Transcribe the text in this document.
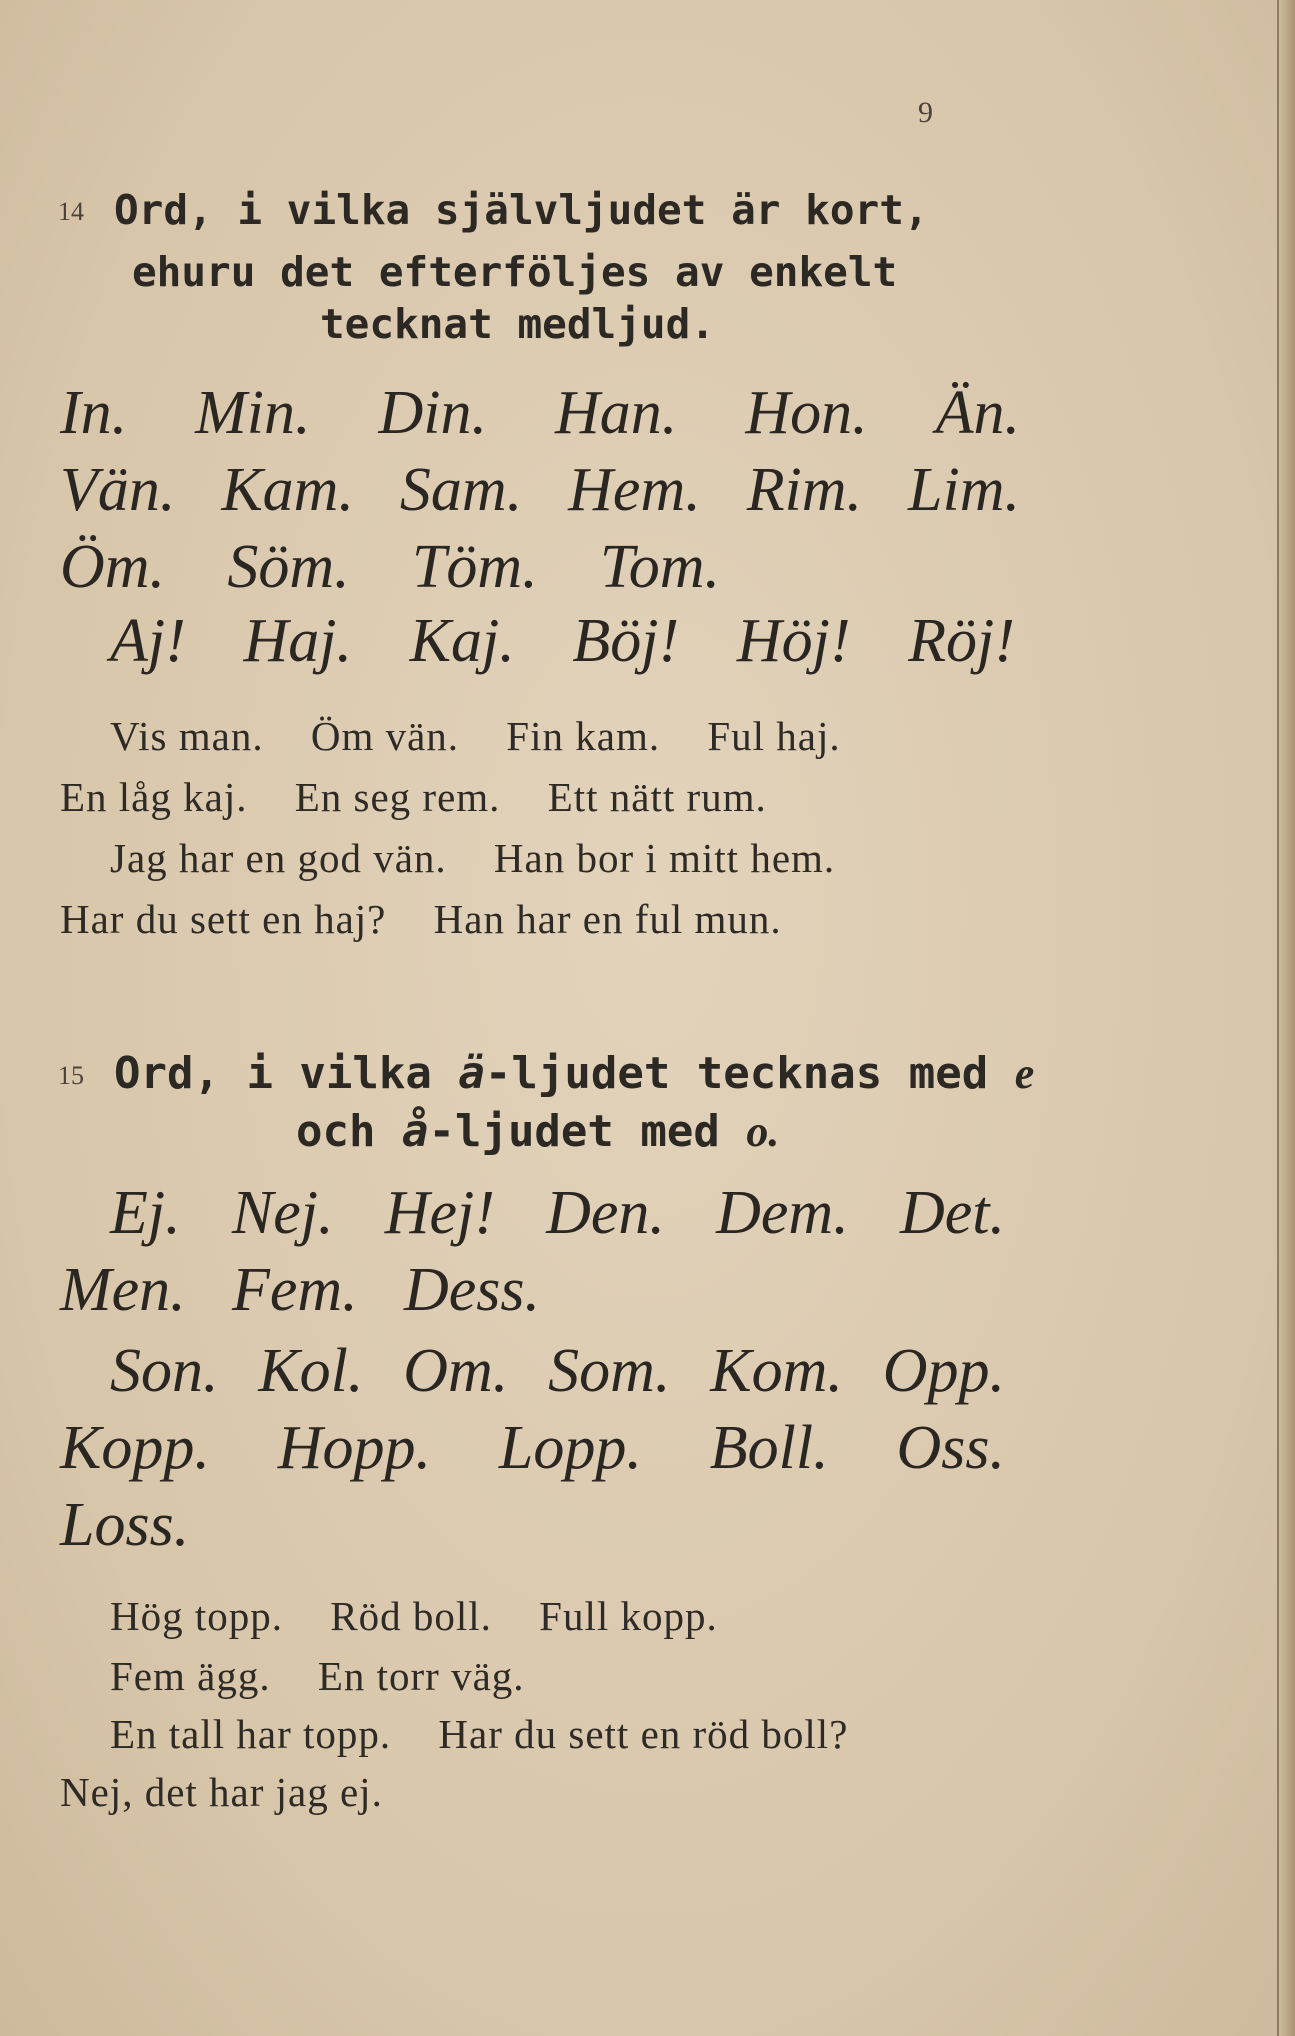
9
14 Ord, i vilka självljudet är kort,
ehuru det efterföljes av enkelt
tecknat medljud.
In. Min. Din. Han. Hon. Än.
Vän. Kam. Sam. Hem. Rim. Lim.
Öm. Söm. Töm. Tom.
Aj! Haj. Kaj. Böj! Höj! Röj!
Vis man. Öm vän. Fin kam. Ful haj.
En låg kaj. En seg rem. Ett nätt rum.
Jag har en god vän. Han bor i mitt hem.
Har du sett en haj? Han har en ful mun.
15 Ord, i vilka ä-ljudet tecknas med e
och å-ljudet med o.
Ej. Nej. Hej! Den. Dem. Det.
Men. Fem. Dess.
Son. Kol. Om. Som. Kom. Opp.
Kopp. Hopp. Lopp. Boll. Oss.
Loss.
Hög topp. Röd boll. Full kopp.
Fem ägg. En torr väg.
En tall har topp. Har du sett en röd boll?
Nej, det har jag ej.
